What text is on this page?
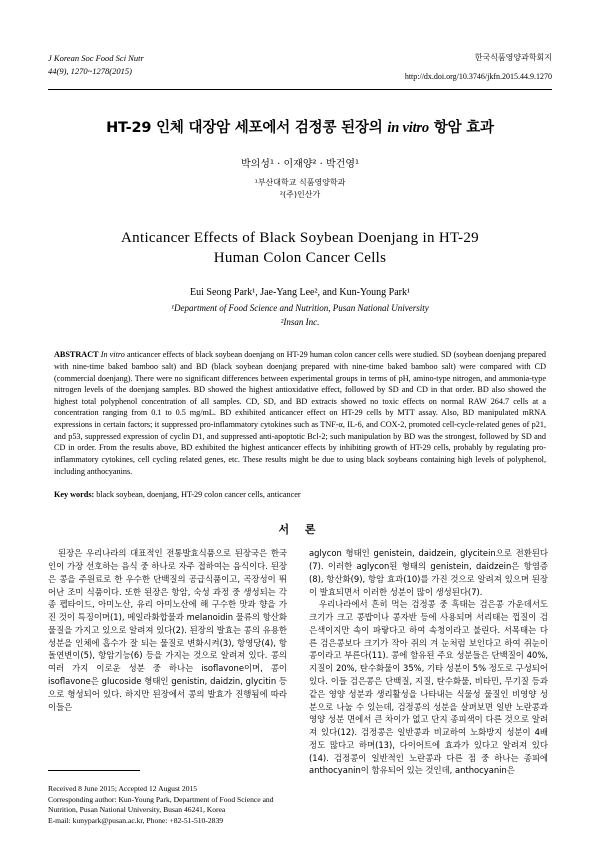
J Korean Soc Food Sci Nutr
44(9), 1270~1278(2015)
한국식품영양과학회지
http://dx.doi.org/10.3746/jkfn.2015.44.9.1270
HT-29 인체 대장암 세포에서 검정콩 된장의 in vitro 항암 효과
박의성¹ · 이재양² · 박건영¹
¹부산대학교 식품영양학과
²(주)인산가
Anticancer Effects of Black Soybean Doenjang in HT-29
Human Colon Cancer Cells
Eui Seong Park¹, Jae-Yang Lee², and Kun-Young Park¹
¹Department of Food Science and Nutrition, Pusan National University
²Insan Inc.
ABSTRACT In vitro anticancer effects of black soybean doenjang on HT-29 human colon cancer cells were studied. SD (soybean doenjang prepared with nine-time baked bamboo salt) and BD (black soybean doenjang prepared with nine-time baked bamboo salt) were compared with CD (commercial doenjang). There were no significant differences between experimental groups in terms of pH, amino-type nitrogen, and ammonia-type nitrogen levels of the doenjang samples. BD showed the highest antioxidative effect, followed by SD and CD in that order. BD also showed the highest total polyphenol concentration of all samples. CD, SD, and BD extracts showed no toxic effects on normal RAW 264.7 cells at a concentration ranging from 0.1 to 0.5 mg/mL. BD exhibited anticancer effect on HT-29 cells by MTT assay. Also, BD manipulated mRNA expressions in certain factors; it suppressed pro-inflammatory cytokines such as TNF-α, IL-6, and COX-2, promoted cell-cycle-related genes of p21, and p53, suppressed expression of cyclin D1, and suppressed anti-apoptotic Bcl-2; such manipulation by BD was the strongest, followed by SD and CD in order. From the results above, BD exhibited the highest anticancer effects by inhibiting growth of HT-29 cells, probably by regulating pro-inflammatory cytokines, cell cycling related genes, etc. These results might be due to using black soybeans containing high levels of polyphenol, including anthocyanins.
Key words: black soybean, doenjang, HT-29 colon cancer cells, anticancer
서 론

된장은 우리나라의 대표적인 전통발효식품으로 된장국은 한국인이 가장 선호하는 음식 중 하나로 자주 접하여는 음식이다. 된장은 콩을 주원료로 한 우수한 단백질의 공급식품이고, 곡장성이 뛰어난 조미 식품이다. 또한 된장은 항암, 숙성 과정 중 생성되는 각종 펩타이드, 아미노산, 유리 아미노산에 해 구수한 맛과 향을 가진 것이 특징이며(1), 메일라화합물과 melanoidin 물류의 항산화 물질을 가지고 있으로 알려져 있다(2). 된장의 발효는 콩의 유용한 성분을 인체에 흡수가 잘 되는 물질로 변화시켜(3), 항영당(4), 항돌연변이(5), 항암기능(6) 등을 가지는 것으로 알려져 있다. 콩의 여러 가지 이로운 성분 중 하나는 isoflavone이며, 콩이 isoflavone은 glucoside 형태인 genistin, daidzin, glycitin 등으로 형성되어 있다. 하지만 된장에서 콩의 발효가 진행됨에 따라 이들은

aglycon 형태인 genistein, daidzein, glycitein으로 전환된다(7). 이러한 aglycon된 형태의 genistein, daidzein은 항염증(8), 항산화(9), 항암 효과(10)를 가진 것으로 알려져 있으며 된장이 발효되면서 이러한 성분이 많이 생성된다(7).

우리나라에서 흔히 먹는 검정콩 중 흑태는 검은콩 가운데서도 크기가 크고 콩밥이나 콩자반 등에 사용되며 서리태는 껍질이 검은색이지만 속이 파랗다고 하여 속청이라고 불린다. 서목태는 다른 검은콩보다 크기가 작아 쥐의 겨 눈처럼 보인다고 하여 쥐눈이콩이라고 부른다(11). 콩에 함유된 주요 성분들은 단백질이 40%, 지질이 20%, 탄수화물이 35%, 기타 성분이 5% 정도로 구성되어 있다. 이들 검은콩은 단백질, 지질, 탄수화물, 비타민, 무기질 등과 같은 영양 성분과 생리활성을 나타내는 식물성 물질인 비영양 성분으로 나눌 수 있는데, 검정콩의 성분을 살펴보면 일반 노란콩과 영양 성분 면에서 큰 차이가 없고 단지 종피색이 다른 것으로 알려져 있다(12). 검정콩은 일반콩과 비교하여 노화방지 성분이 4배 정도 많다고 하며(13), 다이어트에 효과가 있다고 알려져 있다(14). 검정콩이 일반적인 노란콩과 다른 점 중 하나는 종피에 anthocyanin이 함유되어 있는 것인데, anthocyanin은

Received 8 June 2015; Accepted 12 August 2015
Corresponding author: Kun-Young Park, Department of Food Science and Nutrition, Pusan National University, Busan 46241, Korea
E-mail: kunypark@pusan.ac.kr, Phone: +82-51-510-2839
